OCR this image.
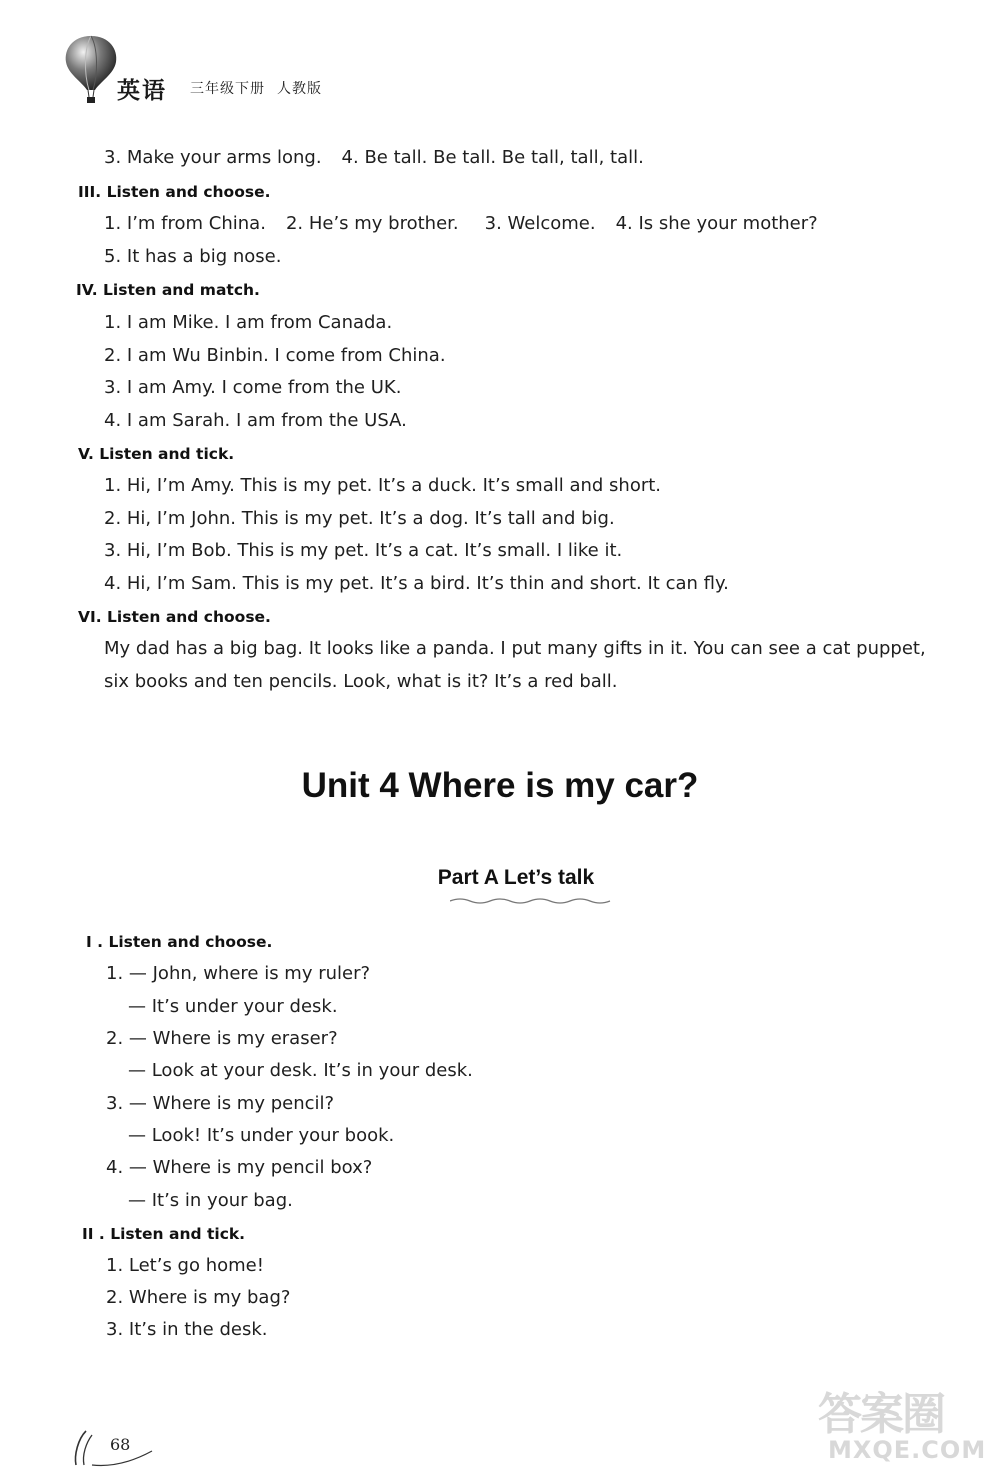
英语 三年级下册 人教版
3. Make your arms long. 4. Be tall. Be tall. Be tall, tall, tall.
III. Listen and choose.
1. I’m from China. 2. He’s my brother. 3. Welcome. 4. Is she your mother?
5. It has a big nose.
IV. Listen and match.
1. I am Mike. I am from Canada.
2. I am Wu Binbin. I come from China.
3. I am Amy. I come from the UK.
4. I am Sarah. I am from the USA.
V. Listen and tick.
1. Hi, I’m Amy. This is my pet. It’s a duck. It’s small and short.
2. Hi, I’m John. This is my pet. It’s a dog. It’s tall and big.
3. Hi, I’m Bob. This is my pet. It’s a cat. It’s small. I like it.
4. Hi, I’m Sam. This is my pet. It’s a bird. It’s thin and short. It can fly.
VI. Listen and choose.
My dad has a big bag. It looks like a panda. I put many gifts in it. You can see a cat puppet,
six books and ten pencils. Look, what is it? It’s a red ball.
Unit 4 Where is my car?
Part A Let’s talk
I . Listen and choose.
1. — John, where is my ruler?
— It’s under your desk.
2. — Where is my eraser?
— Look at your desk. It’s in your desk.
3. — Where is my pencil?
— Look! It’s under your book.
4. — Where is my pencil box?
— It’s in your bag.
II . Listen and tick.
1. Let’s go home!
2. Where is my bag?
3. It’s in the desk.
68
答案圈
MXQE.COM
